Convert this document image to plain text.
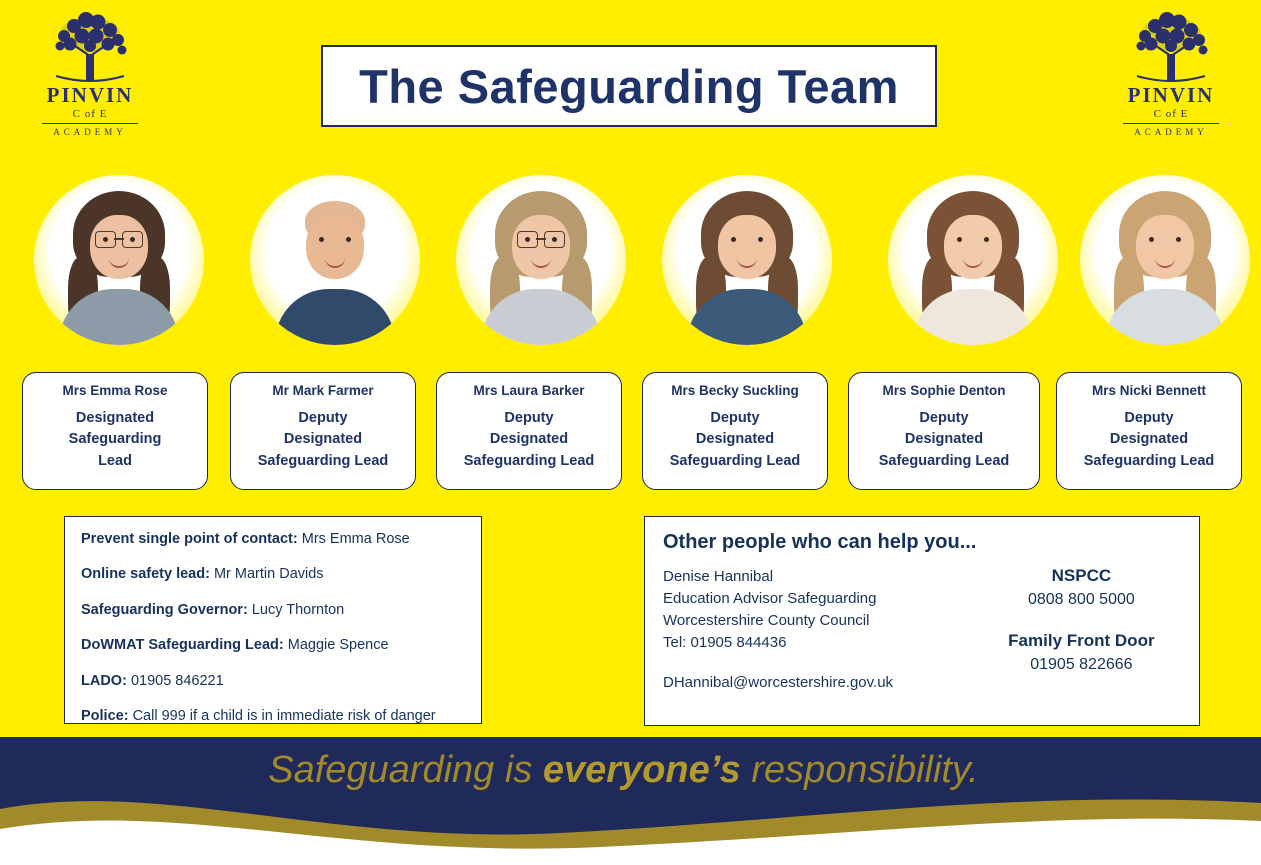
PINVIN
C of E
ACADEMY
PINVIN
C of E
ACADEMY
The Safeguarding Team
Mrs Emma Rose
Designated
Safeguarding
Lead
Mr Mark Farmer
Deputy
Designated
Safeguarding Lead
Mrs Laura Barker
Deputy
Designated
Safeguarding Lead
Mrs Becky Suckling
Deputy
Designated
Safeguarding Lead
Mrs Sophie Denton
Deputy
Designated
Safeguarding Lead
Mrs Nicki Bennett
Deputy
Designated
Safeguarding Lead
Prevent single point of contact: Mrs Emma Rose
Online safety lead: Mr Martin Davids
Safeguarding Governor: Lucy Thornton
DoWMAT Safeguarding Lead: Maggie Spence
LADO: 01905 846221
Police: Call 999 if a child is in immediate risk of danger
Other people who can help you...
Denise Hannibal
Education Advisor Safeguarding
Worcestershire County Council
Tel: 01905 844436
DHannibal@worcestershire.gov.uk
NSPCC
0808 800 5000
Family Front Door
01905 822666
Safeguarding is everyone’s responsibility.
